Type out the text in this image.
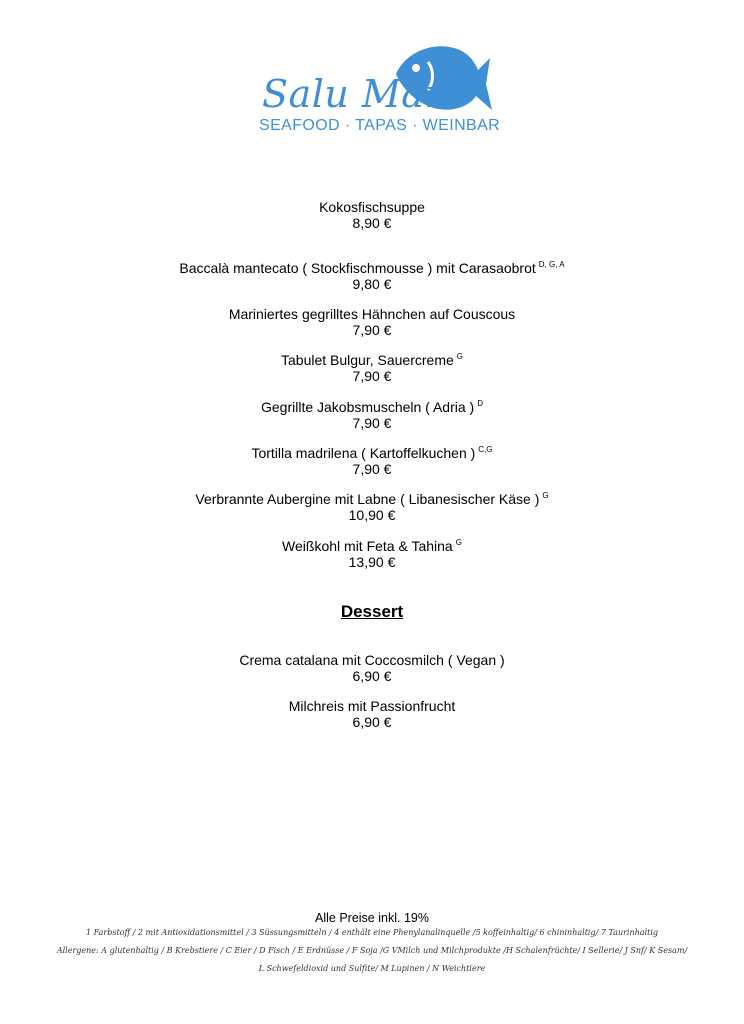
Salu Mare
SEAFOOD · TAPAS · WEINBAR
Kokosfischsuppe
8,90 €
Baccalà mantecato ( Stockfischmousse ) mit Carasaobrot $^{D, G, A}$
9,80 €
Mariniertes gegrilltes Hähnchen auf Couscous
7,90 €
Tabulet Bulgur, Sauercreme $^G$
7,90 €
Gegrillte Jakobsmuscheln ( Adria ) $^D$
7,90 €
Tortilla madrilena ( Kartoffelkuchen ) $^{C,G}$
7,90 €
Verbrannte Aubergine mit Labne ( Libanesischer Käse ) $^G$
10,90 €
Weißkohl mit Feta & Tahina $^G$
13,90 €
Dessert
Crema catalana mit Coccosmilch ( Vegan )
6,90 €
Milchreis mit Passionfrucht
6,90 €
Alle Preise inkl. 19%
1 Farbstoff / 2 mit Antioxidationsmittel / 3 Süssungsmitteln / 4 enthält eine Phenylanalinquelle /5 koffeinhaltig/ 6 chininhaltig/ 7 Taurinhaltig
Allergene: A glutenhaltig / B Krebstiere / C Eier / D Fisch / E Erdnüsse / F Soja /G VMilch und Milchprodukte /H Schalenfrüchte/ I Sellerie/ J Snf/ K Sesam/
L Schwefeldioxid und Sulfite/ M Lupinen / N Weichtiere
